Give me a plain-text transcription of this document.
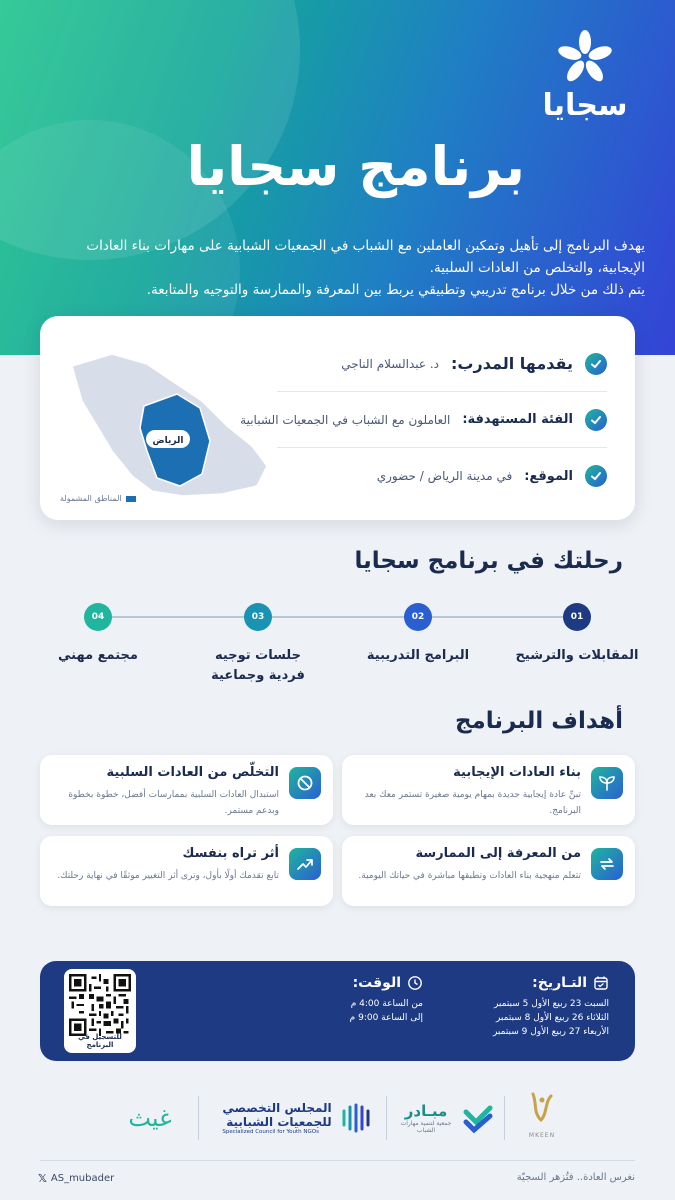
سجايا
برنامج سجايا
يهدف البرنامج إلى تأهيل وتمكين العاملين مع الشباب في الجمعيات الشبابية على مهارات بناء العادات
الإيجابية، والتخلص من العادات السلبية.
يتم ذلك من خلال برنامج تدريبي وتطبيقي يربط بين المعرفة والممارسة والتوجيه والمتابعة.
يقدمها المدرب:
د. عبدالسلام الناجي
الفئة المستهدفة:
العاملون مع الشباب في الجمعيات الشبابية
الموقع:
في مدينة الرياض / حضوري
الرياض
المناطق المشمولة
رحلتك في برنامج سجايا
01
02
03
04
المقابلات والترشيح
البرامج التدريبية
جلسات توجيه
فردية وجماعية
مجتمع مهني
أهداف البرنامج
بناء العادات الإيجابية
تبنِّ عادة إيجابية جديدة بمهام يومية صغيرة تستمر معك بعد البرنامج.
التخلّص من العادات السلبية
استبدال العادات السلبية بممارسات أفضل، خطوة بخطوة وبدعم مستمر.
من المعرفة إلى الممارسة
تتعلم منهجية بناء العادات وتطبقها مباشرة في حياتك اليومية.
أثر تراه بنفسك
تابع تقدمك أولًا بأول، وترى أثر التغيير موثقًا في نهاية رحلتك.
التـاريخ:
السبت 23 ربيع الأول 5 سبتمبر
الثلاثاء 26 ربيع الأول 8 سبتمبر
الأربعاء 27 ربيع الأول 9 سبتمبر
الوقت:
من الساعة 4:00 م
إلى الساعة 9:00 م
للتسجيل في البرنامج
MKEEN
مبـادر
جمعية لتنمية مهارات الشباب
المجلس التخصصي
للجمعيات الشبابية
Specialized Council for Youth NGOs
غيث
نغرس العادة.. فتُزهر السجيّة
𝕏 AS_mubader
